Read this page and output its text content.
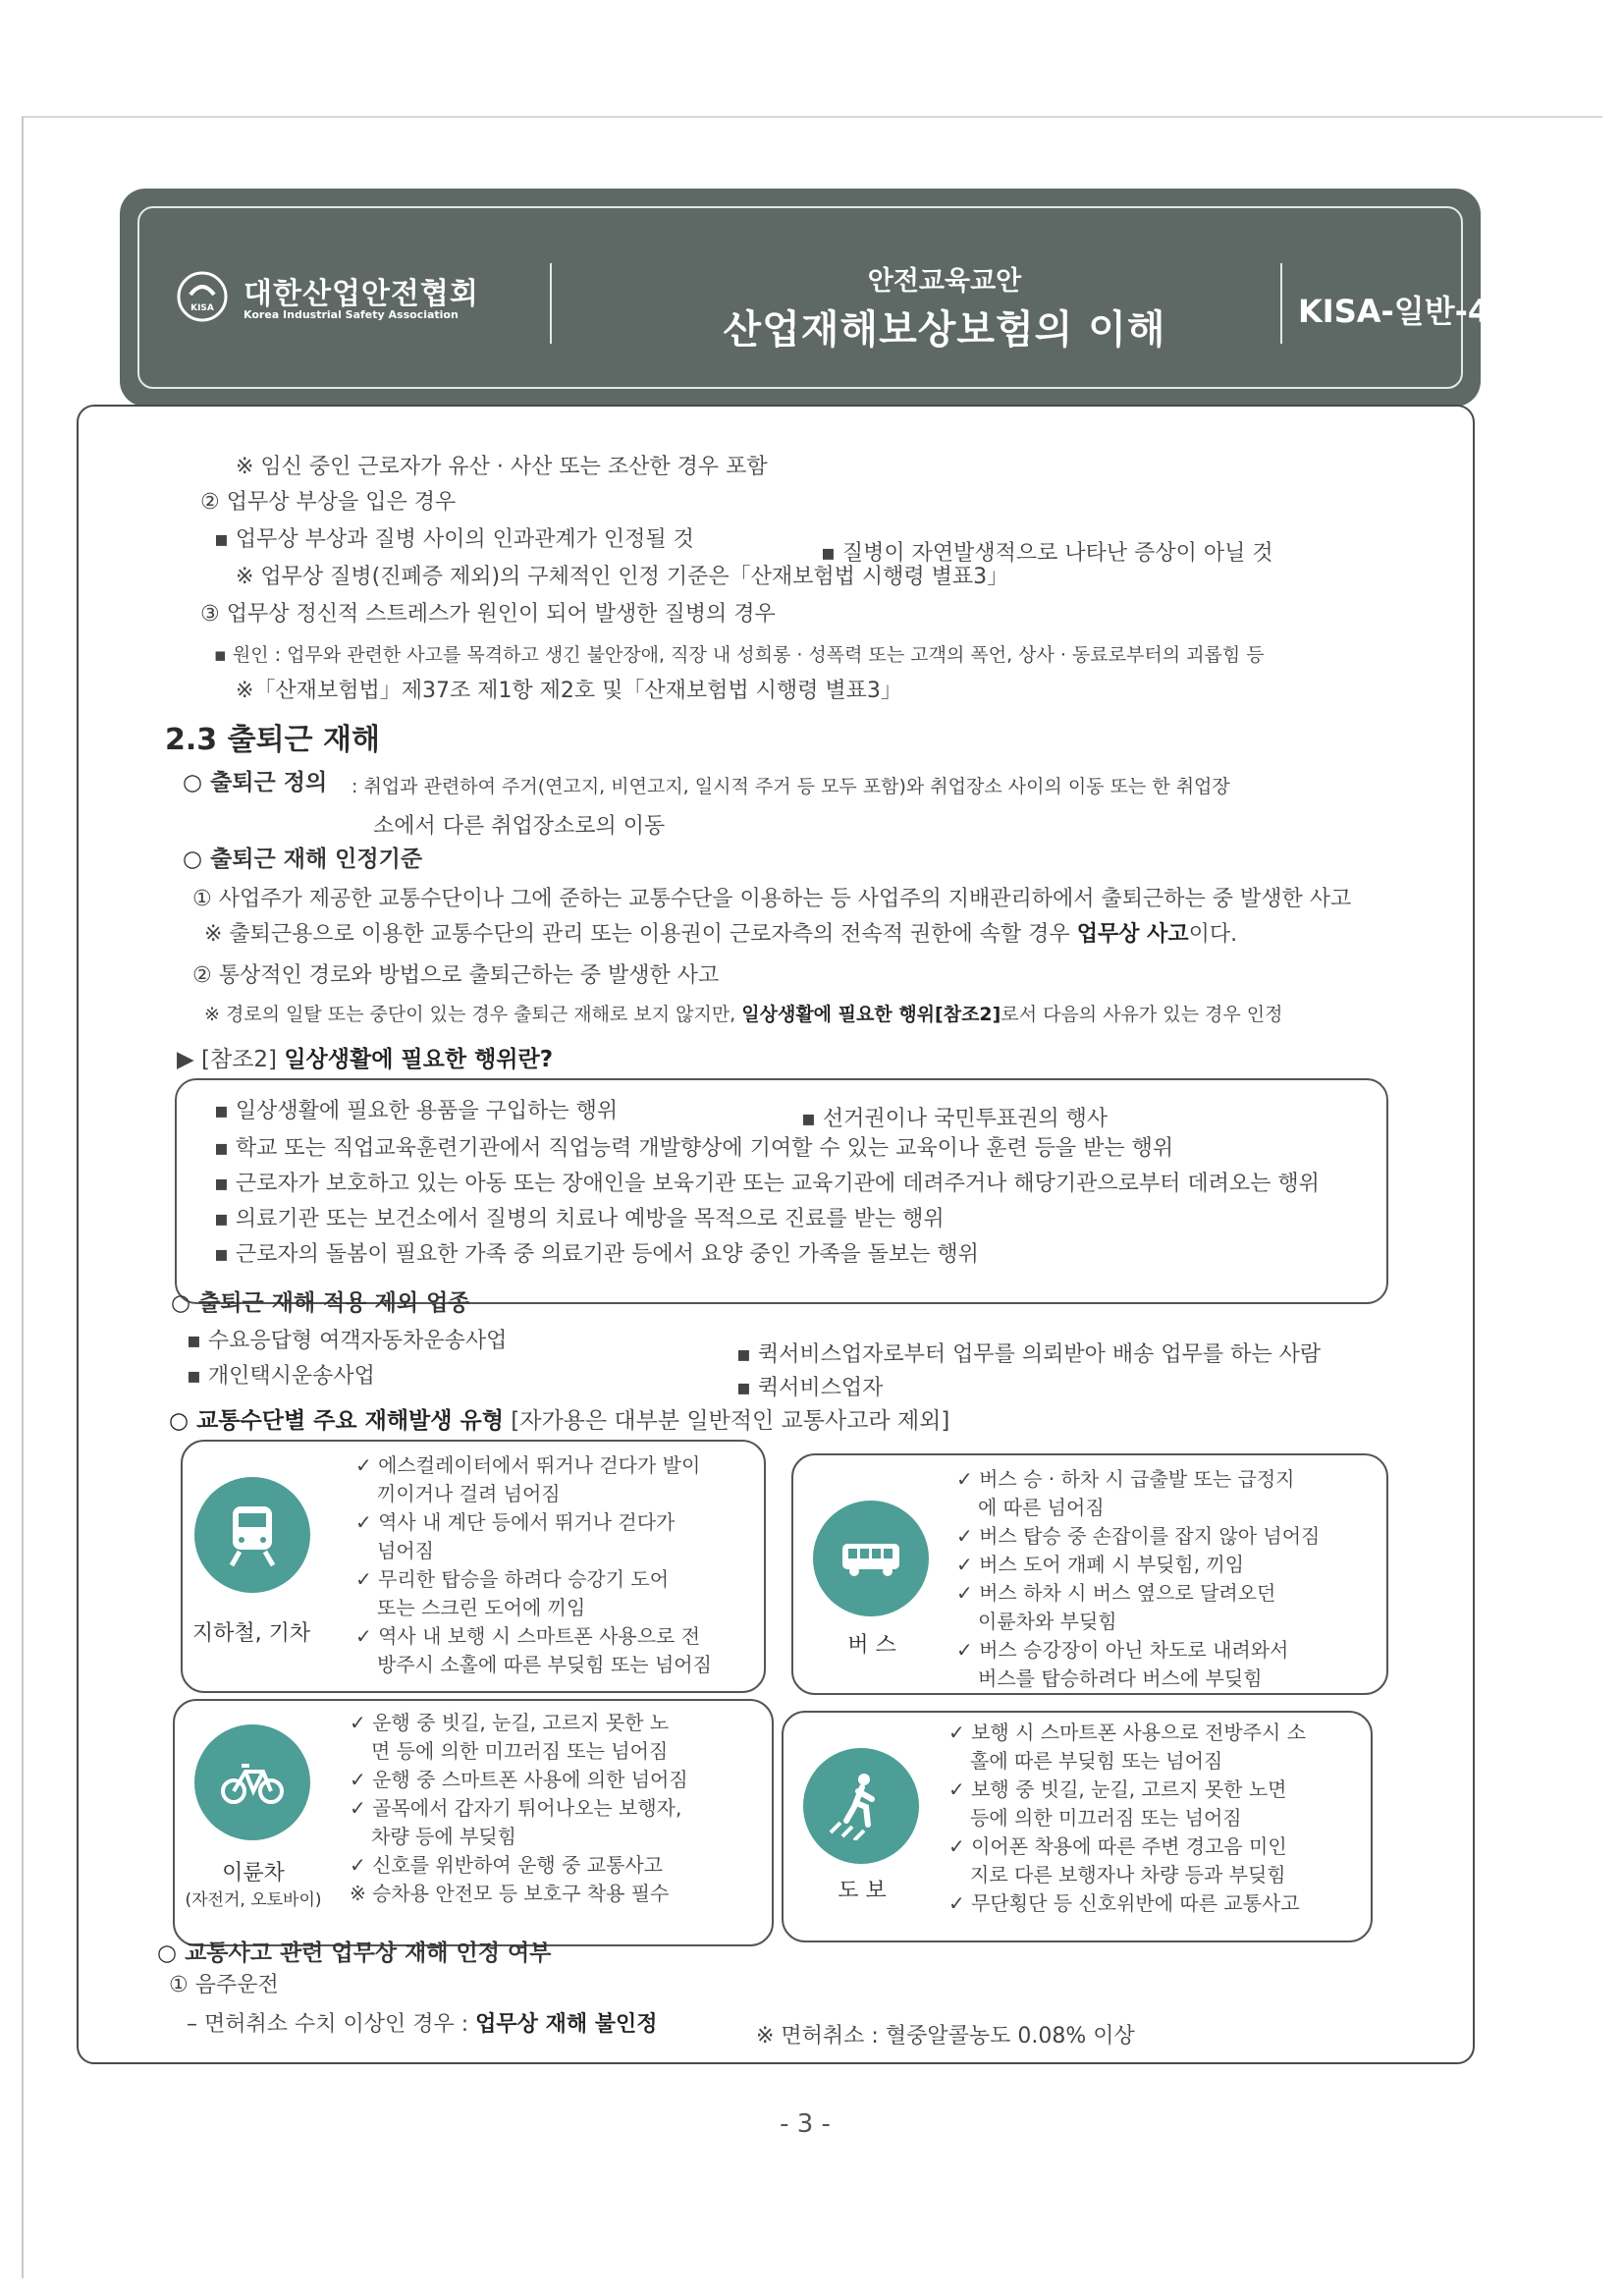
KISA 대한산업안전협회
Korea Industrial Safety Association
안전교육교안
산업재해보상보험의 이해	KISA-일반-48
※ 임신 중인 근로자가 유산 · 사산 또는 조산한 경우 포함
② 업무상 부상을 입은 경우
▪ 업무상 부상과 질병 사이의 인과관계가 인정될 것
▪ 질병이 자연발생적으로 나타난 증상이 아닐 것
※ 업무상 질병(진폐증 제외)의 구체적인 인정 기준은「산재보험법 시행령 별표3」
③ 업무상 정신적 스트레스가 원인이 되어 발생한 질병의 경우
▪ 원인 : 업무와 관련한 사고를 목격하고 생긴 불안장애, 직장 내 성희롱 · 성폭력 또는 고객의 폭언, 상사 · 동료로부터의 괴롭힘 등
※「산재보험법」제37조 제1항 제2호 및「산재보험법 시행령 별표3」
2.3 출퇴근 재해
○ 출퇴근 정의 : 취업과 관련하여 주거(연고지, 비연고지, 일시적 주거 등 모두 포함)와 취업장소 사이의 이동 또는 한 취업장
소에서 다른 취업장소로의 이동
○ 출퇴근 재해 인정기준
① 사업주가 제공한 교통수단이나 그에 준하는 교통수단을 이용하는 등 사업주의 지배관리하에서 출퇴근하는 중 발생한 사고
※ 출퇴근용으로 이용한 교통수단의 관리 또는 이용권이 근로자측의 전속적 권한에 속할 경우 업무상 사고이다.
② 통상적인 경로와 방법으로 출퇴근하는 중 발생한 사고
※ 경로의 일탈 또는 중단이 있는 경우 출퇴근 재해로 보지 않지만, 일상생활에 필요한 행위[참조2]로서 다음의 사유가 있는 경우 인정
▶ [참조2] 일상생활에 필요한 행위란?
▪ 일상생활에 필요한 용품을 구입하는 행위	▪ 선거권이나 국민투표권의 행사
▪ 학교 또는 직업교육훈련기관에서 직업능력 개발향상에 기여할 수 있는 교육이나 훈련 등을 받는 행위
▪ 근로자가 보호하고 있는 아동 또는 장애인을 보육기관 또는 교육기관에 데려주거나 해당기관으로부터 데려오는 행위
▪ 의료기관 또는 보건소에서 질병의 치료나 예방을 목적으로 진료를 받는 행위
▪ 근로자의 돌봄이 필요한 가족 중 의료기관 등에서 요양 중인 가족을 돌보는 행위
○ 출퇴근 재해 적용 제외 업종
▪ 수요응답형 여객자동차운송사업
▪ 퀵서비스업자로부터 업무를 의뢰받아 배송 업무를 하는 사람
▪ 개인택시운송사업	▪ 퀵서비스업자
○ 교통수단별 주요 재해발생 유형 [자가용은 대부분 일반적인 교통사고라 제외]
지하철, 기차
✓ 에스컬레이터에서 뛰거나 걷다가 발이
끼이거나 걸려 넘어짐
✓ 역사 내 계단 등에서 뛰거나 걷다가
넘어짐
✓ 무리한 탑승을 하려다 승강기 도어
또는 스크린 도어에 끼임
✓ 역사 내 보행 시 스마트폰 사용으로 전
방주시 소홀에 따른 부딪힘 또는 넘어짐
버 스
✓ 버스 승 · 하차 시 급출발 또는 급정지
에 따른 넘어짐
✓ 버스 탑승 중 손잡이를 잡지 않아 넘어짐
✓ 버스 도어 개폐 시 부딪힘, 끼임
✓ 버스 하차 시 버스 옆으로 달려오던
이륜차와 부딪힘
✓ 버스 승강장이 아닌 차도로 내려와서
버스를 탑승하려다 버스에 부딪힘
이륜차
(자전거, 오토바이)
✓ 운행 중 빗길, 눈길, 고르지 못한 노
면 등에 의한 미끄러짐 또는 넘어짐
✓ 운행 중 스마트폰 사용에 의한 넘어짐
✓ 골목에서 갑자기 튀어나오는 보행자,
차량 등에 부딪힘
✓ 신호를 위반하여 운행 중 교통사고
※ 승차용 안전모 등 보호구 착용 필수	도 보
✓ 보행 시 스마트폰 사용으로 전방주시 소
홀에 따른 부딪힘 또는 넘어짐
✓ 보행 중 빗길, 눈길, 고르지 못한 노면
등에 의한 미끄러짐 또는 넘어짐
✓ 이어폰 착용에 따른 주변 경고음 미인
지로 다른 보행자나 차량 등과 부딪힘
✓ 무단횡단 등 신호위반에 따른 교통사고
○ 교통사고 관련 업무상 재해 인정 여부
① 음주운전
– 면허취소 수치 이상인 경우 : 업무상 재해 불인정	※ 면허취소 : 혈중알콜농도 0.08% 이상
- 3 -
